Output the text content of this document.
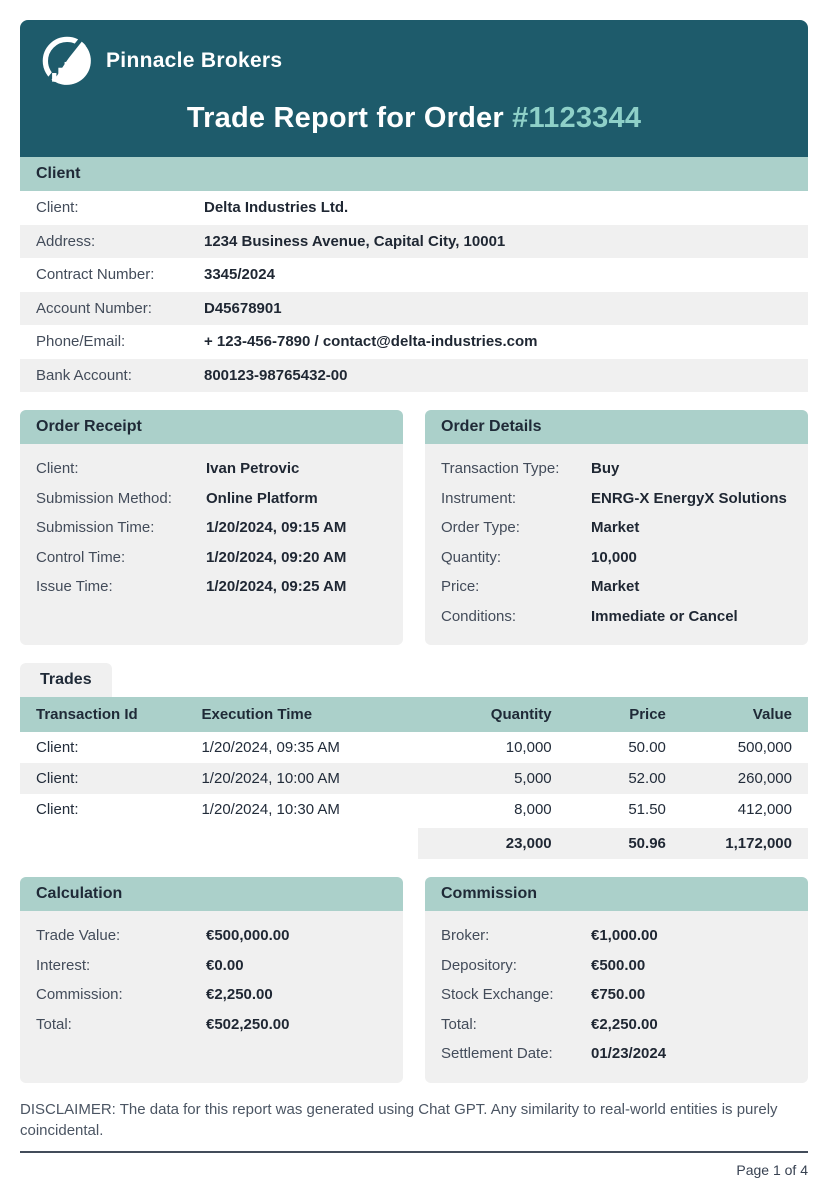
Pinnacle Brokers
Trade Report for Order #1123344
Client
Client:	Delta Industries Ltd.
Address:	1234 Business Avenue, Capital City, 10001
Contract Number:	3345/2024
Account Number:	D45678901
Phone/Email:	+ 123-456-7890 / contact@delta-industries.com
Bank Account:	800123-98765432-00
Order Receipt
Client:	Ivan Petrovic
Submission Method:	Online Platform
Submission Time:	1/20/2024, 09:15 AM
Control Time:	1/20/2024, 09:20 AM
Issue Time:	1/20/2024, 09:25 AM
Order Details
Transaction Type:	Buy
Instrument:	ENRG-X EnergyX Solutions
Order Type:	Market
Quantity:	10,000
Price:	Market
Conditions:	Immediate or Cancel
Trades
Transaction Id	Execution Time	Quantity	Price	Value
Client:	1/20/2024, 09:35 AM	10,000	50.00	500,000
Client:	1/20/2024, 10:00 AM	5,000	52.00	260,000
Client:	1/20/2024, 10:30 AM	8,000	51.50	412,000

		23,000	50.96	1,172,000
Calculation
Trade Value:	€500,000.00
Interest:	€0.00
Commission:	€2,250.00
Total:	€502,250.00
Commission
Broker:	€1,000.00
Depository:	€500.00
Stock Exchange:	€750.00
Total:	€2,250.00
Settlement Date:	01/23/2024
DISCLAIMER: The data for this report was generated using Chat GPT. Any similarity to real-world entities is purely coincidental.
Page 1 of 4
